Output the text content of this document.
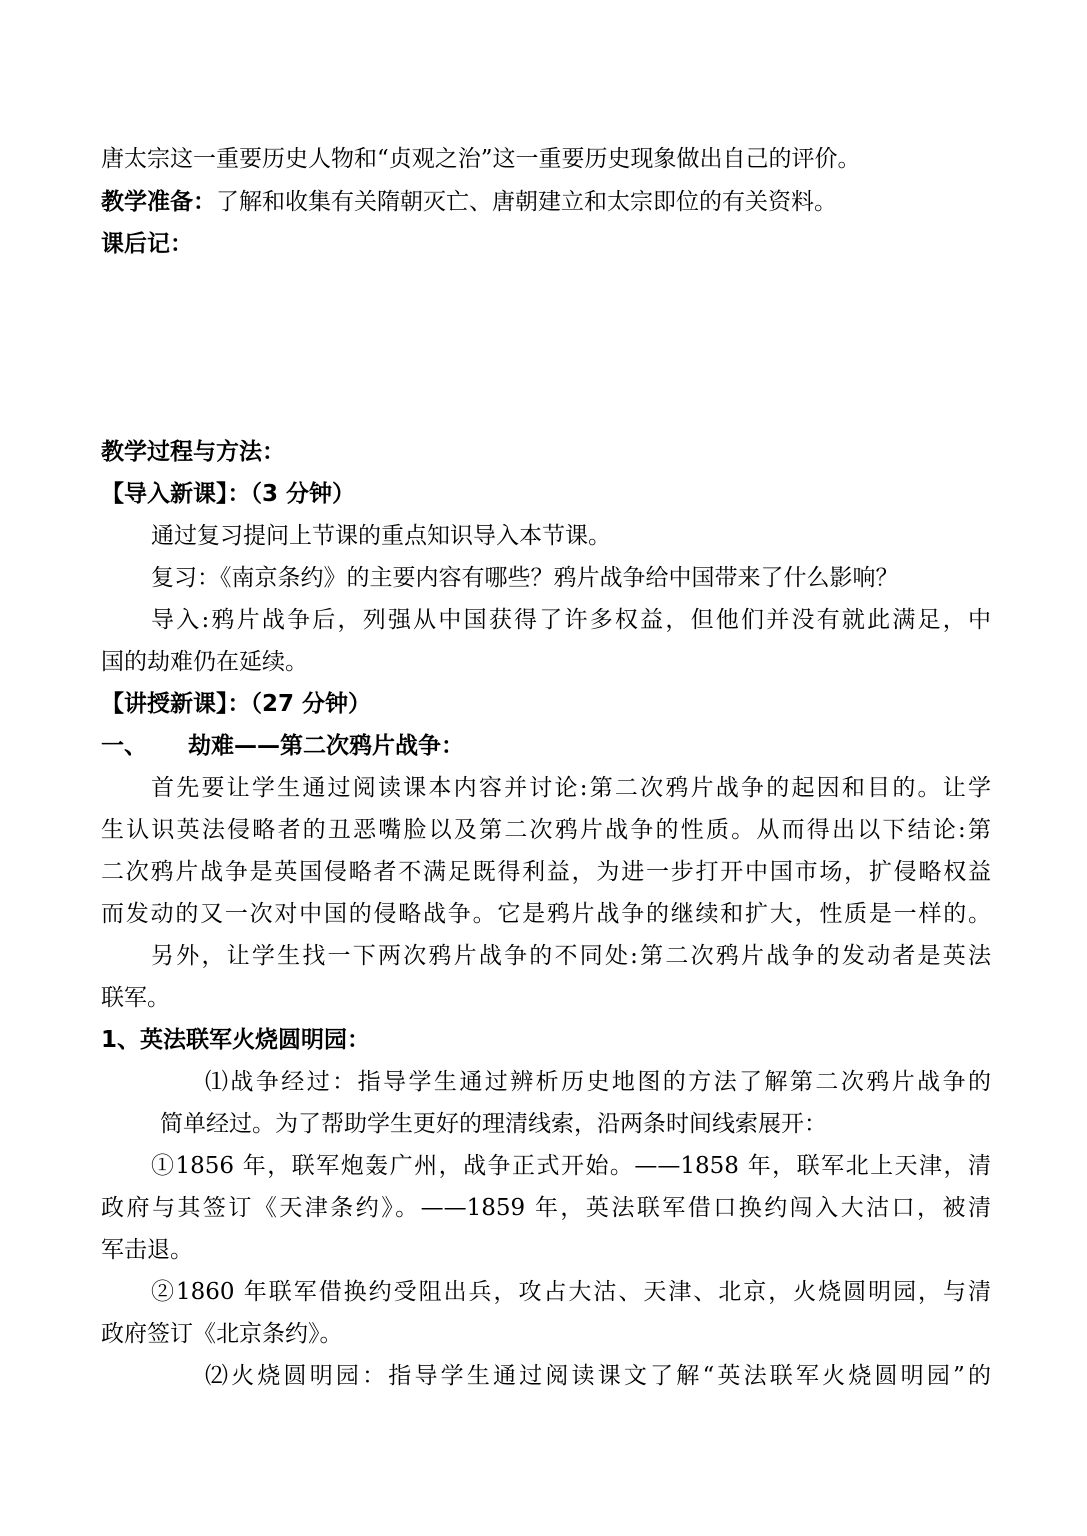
唐太宗这一重要历史人物和“贞观之治”这一重要历史现象做出自己的评价。
教学准备：了解和收集有关隋朝灭亡、唐朝建立和太宗即位的有关资料。
课后记：
教学过程与方法：
【导入新课】：（3 分钟）
通过复习提问上节课的重点知识导入本节课。
复习：《南京条约》的主要内容有哪些？鸦片战争给中国带来了什么影响？
导入:鸦片战争后，列强从中国获得了许多权益，但他们并没有就此满足，中
国的劫难仍在延续。
【讲授新课】：（27 分钟）
一、 劫难——第二次鸦片战争：
首先要让学生通过阅读课本内容并讨论:第二次鸦片战争的起因和目的。让学
生认识英法侵略者的丑恶嘴脸以及第二次鸦片战争的性质。从而得出以下结论:第
二次鸦片战争是英国侵略者不满足既得利益，为进一步打开中国市场，扩侵略权益
而发动的又一次对中国的侵略战争。它是鸦片战争的继续和扩大，性质是一样的。
另外，让学生找一下两次鸦片战争的不同处:第二次鸦片战争的发动者是英法
联军。
1、英法联军火烧圆明园：
⑴战争经过：指导学生通过辨析历史地图的方法了解第二次鸦片战争的
简单经过。为了帮助学生更好的理清线索，沿两条时间线索展开：
①1856 年，联军炮轰广州，战争正式开始。——1858 年，联军北上天津，清
政府与其签订《天津条约》。——1859 年，英法联军借口换约闯入大沽口，被清
军击退。
②1860 年联军借换约受阻出兵，攻占大沽、天津、北京，火烧圆明园，与清
政府签订《北京条约》。
⑵火烧圆明园：指导学生通过阅读课文了解“英法联军火烧圆明园”的
